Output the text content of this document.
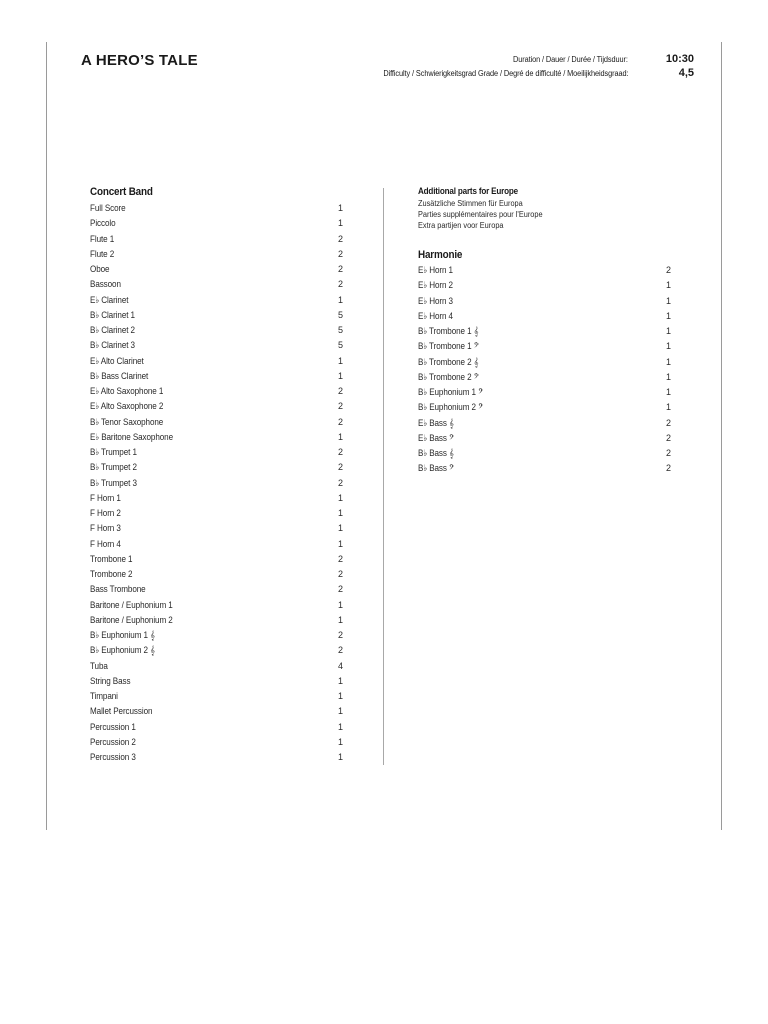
A HERO’S TALE	Duration / Dauer / Durée / Tijdsduur:	10:30
Difficulty / Schwierigkeitsgrad Grade / Degré de difficulté / Moeilijkheidsgraad:	4,5
Concert Band
Full Score	1
Piccolo	1
Flute 1	2
Flute 2	2
Oboe	2
Bassoon	2
E♭ Clarinet	1
B♭ Clarinet 1	5
B♭ Clarinet 2	5
B♭ Clarinet 3	5
E♭ Alto Clarinet	1
B♭ Bass Clarinet	1
E♭ Alto Saxophone 1	2
E♭ Alto Saxophone 2	2
B♭ Tenor Saxophone	2
E♭ Baritone Saxophone	1
B♭ Trumpet 1	2
B♭ Trumpet 2	2
B♭ Trumpet 3	2
F Horn 1	1
F Horn 2	1
F Horn 3	1
F Horn 4	1
Trombone 1	2
Trombone 2	2
Bass Trombone	2
Baritone / Euphonium 1	1
Baritone / Euphonium 2	1
B♭ Euphonium 1 𝄞	2
B♭ Euphonium 2 𝄞	2
Tuba	4
String Bass	1
Timpani	1
Mallet Percussion	1
Percussion 1	1
Percussion 2	1
Percussion 3	1
Additional parts for Europe
Zusätzliche Stimmen für Europa
Parties supplémentaires pour l'Europe
Extra partijen voor Europa
Harmonie
E♭ Horn 1	2
E♭ Horn 2	1
E♭ Horn 3	1
E♭ Horn 4	1
B♭ Trombone 1 𝄞	1
B♭ Trombone 1 𝄢	1
B♭ Trombone 2 𝄞	1
B♭ Trombone 2 𝄢	1
B♭ Euphonium 1 𝄢	1
B♭ Euphonium 2 𝄢	1
E♭ Bass 𝄞	2
E♭ Bass 𝄢	2
B♭ Bass 𝄞	2
B♭ Bass 𝄢	2
